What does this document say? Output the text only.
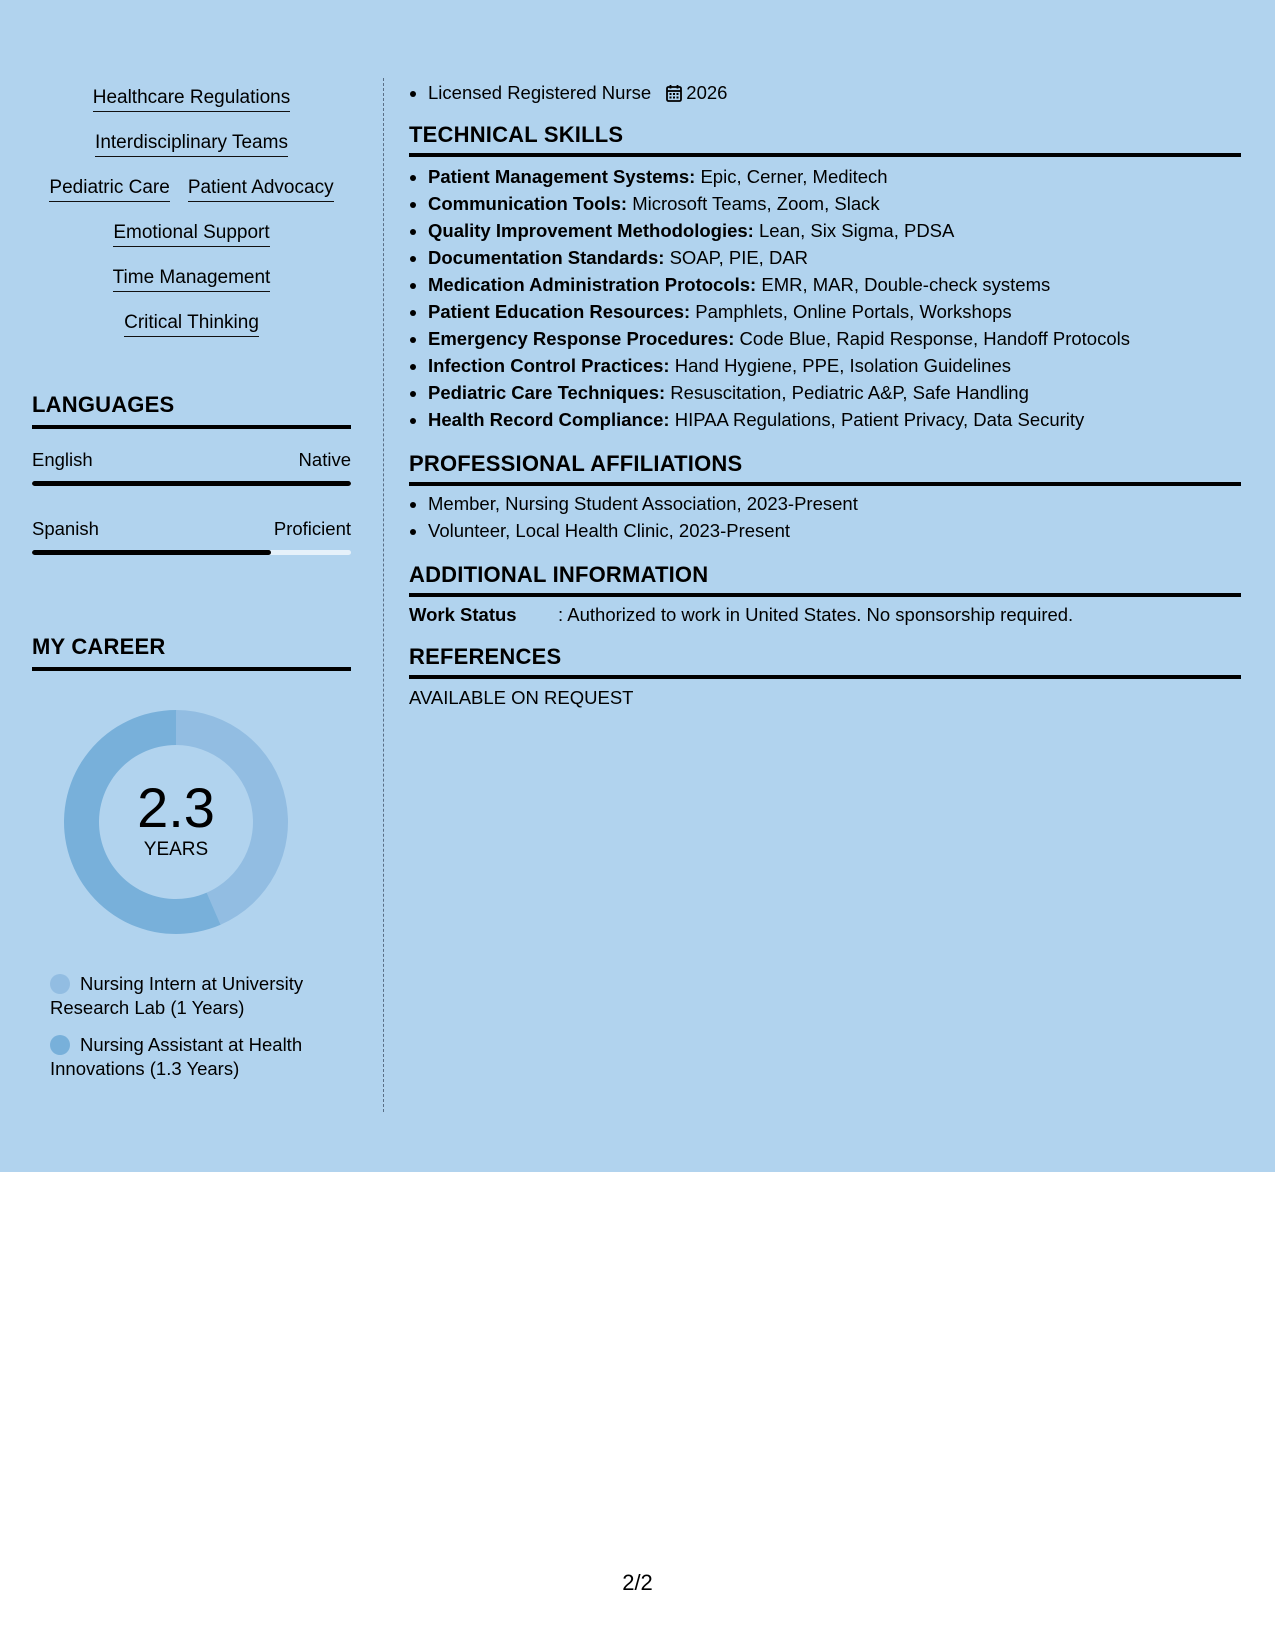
Healthcare Regulations
Interdisciplinary Teams
Pediatric Care Patient Advocacy
Emotional Support
Time Management
Critical Thinking
LANGUAGES
English	Native
Spanish	Proficient
MY CAREER
2.3
YEARS
Nursing Intern at University Research Lab (1 Years)
Nursing Assistant at Health Innovations (1.3 Years)
• Licensed Registered Nurse 2026
TECHNICAL SKILLS
• Patient Management Systems: Epic, Cerner, Meditech
• Communication Tools: Microsoft Teams, Zoom, Slack
• Quality Improvement Methodologies: Lean, Six Sigma, PDSA
• Documentation Standards: SOAP, PIE, DAR
• Medication Administration Protocols: EMR, MAR, Double-check systems
• Patient Education Resources: Pamphlets, Online Portals, Workshops
• Emergency Response Procedures: Code Blue, Rapid Response, Handoff Protocols
• Infection Control Practices: Hand Hygiene, PPE, Isolation Guidelines
• Pediatric Care Techniques: Resuscitation, Pediatric A&P, Safe Handling
• Health Record Compliance: HIPAA Regulations, Patient Privacy, Data Security
PROFESSIONAL AFFILIATIONS
• Member, Nursing Student Association, 2023-Present
• Volunteer, Local Health Clinic, 2023-Present
ADDITIONAL INFORMATION
Work Status	: Authorized to work in United States. No sponsorship required.
REFERENCES
AVAILABLE ON REQUEST
2/2
